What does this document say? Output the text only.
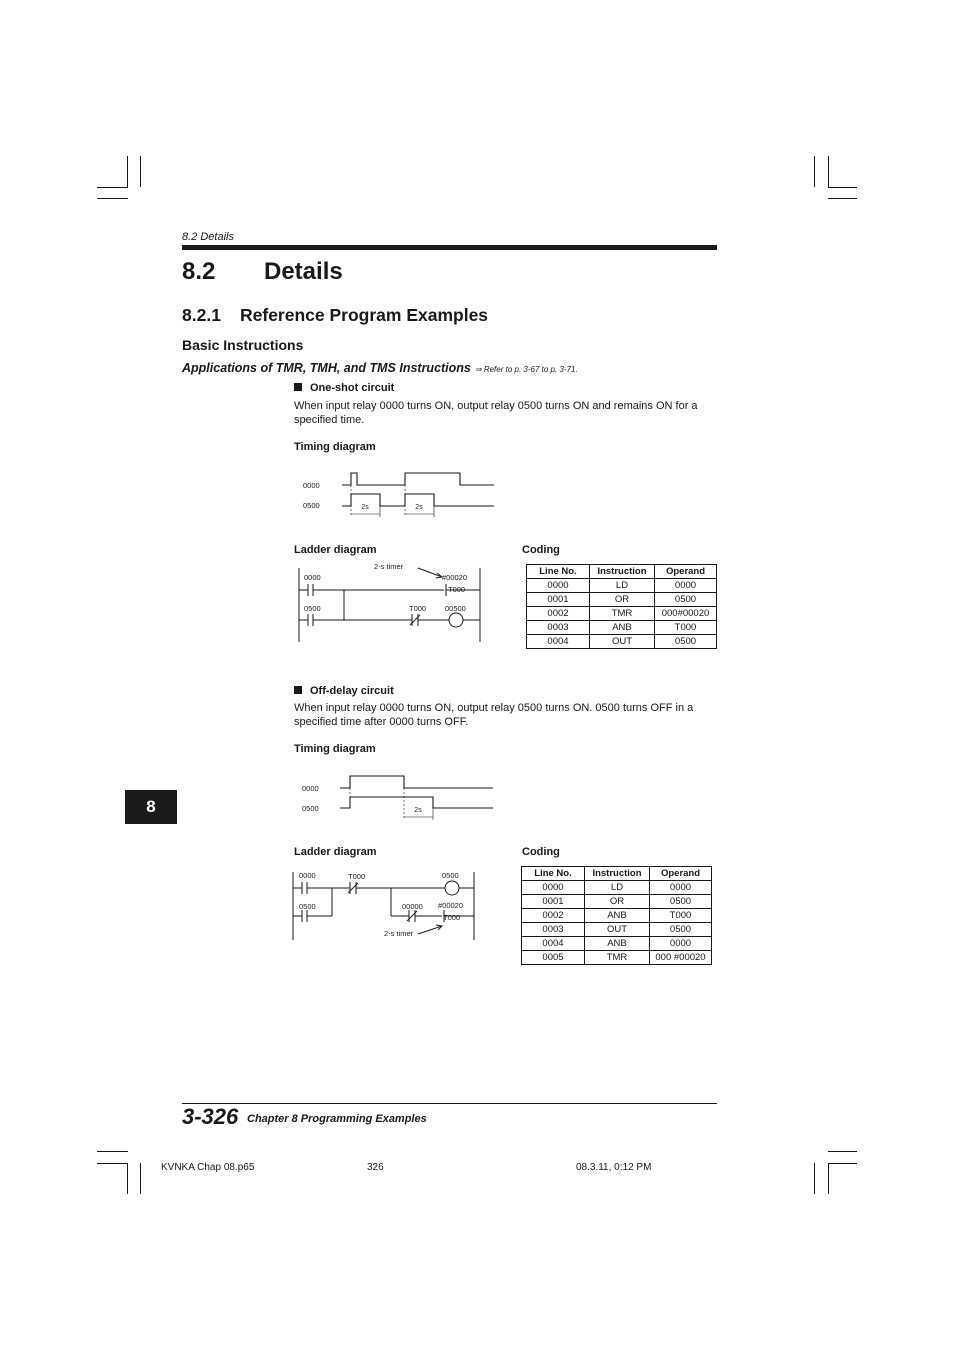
8.2 Details
8.2 Details
8.2.1 Reference Program Examples
Basic Instructions
Applications of TMR, TMH, and TMS Instructions ⇒ Refer to p. 3-67 to p. 3-71.
One-shot circuit
When input relay 0000 turns ON, output relay 0500 turns ON and remains ON for a specified time.
Timing diagram
0000
0500	2s	2s
Ladder diagram	Coding
0000
0500
2-s timer
#00020
T000
T000	00500
Line No.	Instruction	Operand
0000	LD	0000
0001	OR	0500
0002	TMR	000#00020
0003	ANB	T000
0004	OUT	0500
Off-delay circuit
When input relay 0000 turns ON, output relay 0500 turns ON. 0500 turns OFF in a specified time after 0000 turns OFF.
Timing diagram
0000
0500	2s
Ladder diagram	Coding
0000
0500
T000	0500
00000 #00020
T000
2-s timer
Line No.	Instruction	Operand
0000	LD	0000
0001	OR	0500
0002	ANB	T000
0003	OUT	0500
0004	ANB	0000
0005	TMR	000 #00020
8
3-326 Chapter 8 Programming Examples
KVNKA Chap 08.p65	326	08.3.11, 0:12 PM
